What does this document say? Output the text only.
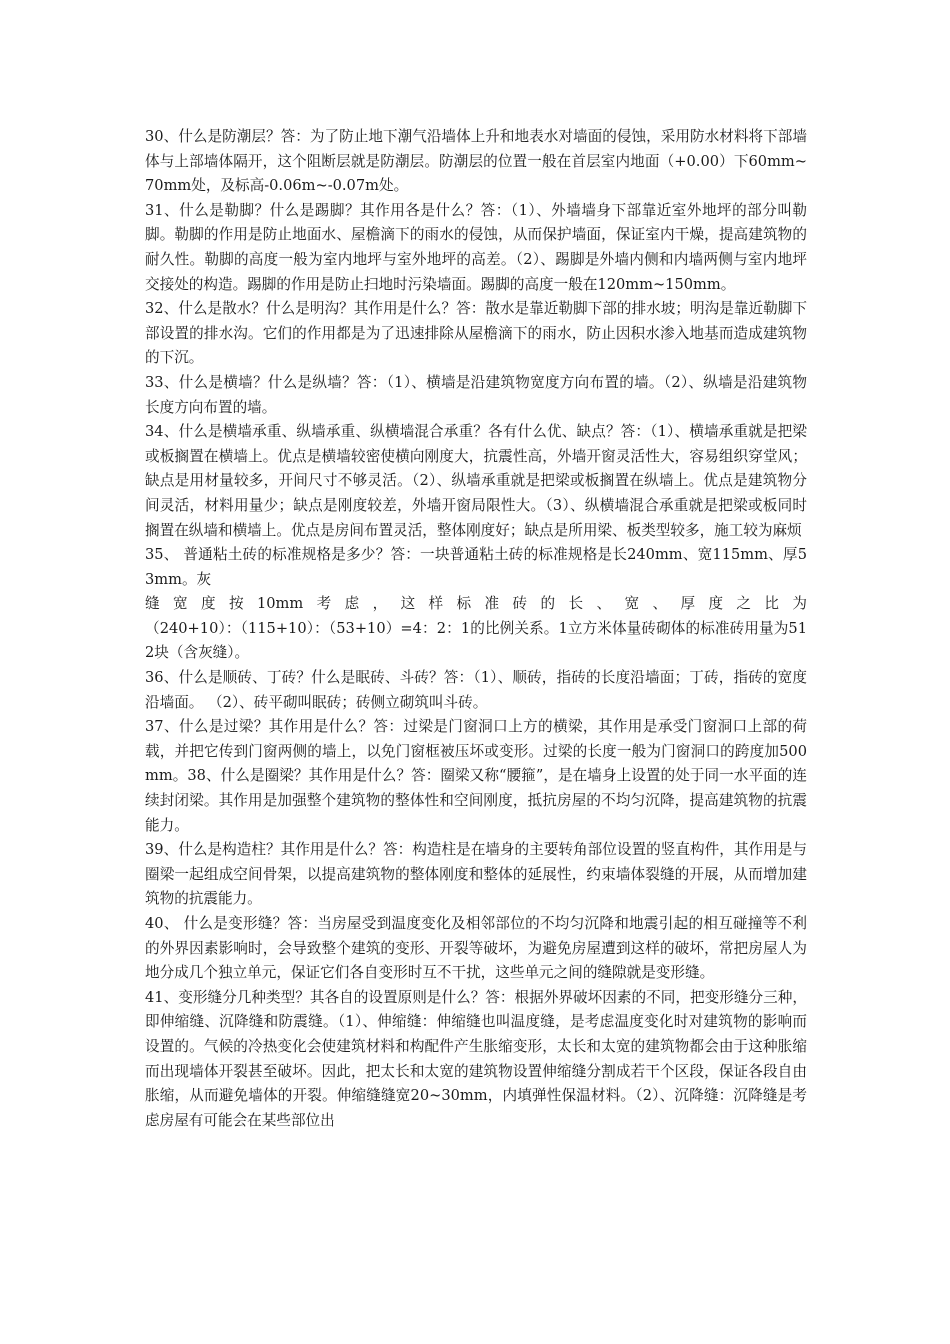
30、什么是防潮层？答：为了防止地下潮气沿墙体上升和地表水对墙面的侵蚀，采用防水材料将下部墙体与上部墙体隔开，这个阻断层就是防潮层。防潮层的位置一般在首层室内地面（+0.00）下60mm~70mm处，及标高-0.06m~-0.07m处。

31、什么是勒脚？什么是踢脚？其作用各是什么？答：（1）、外墙墙身下部靠近室外地坪的部分叫勒脚。勒脚的作用是防止地面水、屋檐滴下的雨水的侵蚀，从而保护墙面，保证室内干燥，提高建筑物的耐久性。勒脚的高度一般为室内地坪与室外地坪的高差。（2）、踢脚是外墙内侧和内墙两侧与室内地坪交接处的构造。踢脚的作用是防止扫地时污染墙面。踢脚的高度一般在120mm~150mm。

32、什么是散水？什么是明沟？其作用是什么？答：散水是靠近勒脚下部的排水坡；明沟是靠近勒脚下部设置的排水沟。它们的作用都是为了迅速排除从屋檐滴下的雨水，防止因积水渗入地基而造成建筑物的下沉。

33、什么是横墙？什么是纵墙？答：（1）、横墙是沿建筑物宽度方向布置的墙。（2）、纵墙是沿建筑物长度方向布置的墙。

34、什么是横墙承重、纵墙承重、纵横墙混合承重？各有什么优、缺点？答：（1）、横墙承重就是把梁或板搁置在横墙上。优点是横墙较密使横向刚度大，抗震性高，外墙开窗灵活性大，容易组织穿堂风；缺点是用材量较多，开间尺寸不够灵活。（2）、纵墙承重就是把梁或板搁置在纵墙上。优点是建筑物分间灵活，材料用量少；缺点是刚度较差，外墙开窗局限性大。（3）、纵横墙混合承重就是把梁或板同时搁置在纵墙和横墙上。优点是房间布置灵活，整体刚度好；缺点是所用梁、板类型较多，施工较为麻烦

35、 普通粘土砖的标准规格是多少？答：一块普通粘土砖的标准规格是长240mm、宽115mm、厚53mm。灰

缝宽度按10mm考虑，这样标准砖的长、宽、厚度之比为

（240+10）：（115+10）：（53+10）=4：2：1的比例关系。1立方米体量砖砌体的标准砖用量为512块（含灰缝）。

36、什么是顺砖、丁砖？什么是眠砖、斗砖？答：（1）、顺砖，指砖的长度沿墙面；丁砖，指砖的宽度沿墙面。 （2）、砖平砌叫眠砖；砖侧立砌筑叫斗砖。

37、什么是过梁？其作用是什么？答：过梁是门窗洞口上方的横梁，其作用是承受门窗洞口上部的荷载，并把它传到门窗两侧的墙上，以免门窗框被压坏或变形。过梁的长度一般为门窗洞口的跨度加500mm。38、什么是圈梁？其作用是什么？答：圈梁又称“腰箍”，是在墙身上设置的处于同一水平面的连续封闭梁。其作用是加强整个建筑物的整体性和空间刚度，抵抗房屋的不均匀沉降，提高建筑物的抗震能力。

39、什么是构造柱？其作用是什么？答：构造柱是在墙身的主要转角部位设置的竖直构件，其作用是与圈梁一起组成空间骨架，以提高建筑物的整体刚度和整体的延展性，约束墙体裂缝的开展，从而增加建筑物的抗震能力。

40、 什么是变形缝？答：当房屋受到温度变化及相邻部位的不均匀沉降和地震引起的相互碰撞等不利的外界因素影响时，会导致整个建筑的变形、开裂等破坏，为避免房屋遭到这样的破坏，常把房屋人为地分成几个独立单元，保证它们各自变形时互不干扰，这些单元之间的缝隙就是变形缝。

41、变形缝分几种类型？其各自的设置原则是什么？答：根据外界破坏因素的不同，把变形缝分三种，即伸缩缝、沉降缝和防震缝。（1）、伸缩缝：伸缩缝也叫温度缝，是考虑温度变化时对建筑物的影响而设置的。气候的冷热变化会使建筑材料和构配件产生胀缩变形，太长和太宽的建筑物都会由于这种胀缩而出现墙体开裂甚至破坏。因此，把太长和太宽的建筑物设置伸缩缝分割成若干个区段，保证各段自由胀缩，从而避免墙体的开裂。伸缩缝缝宽20~30mm，内填弹性保温材料。（2）、沉降缝：沉降缝是考虑房屋有可能会在某些部位出
